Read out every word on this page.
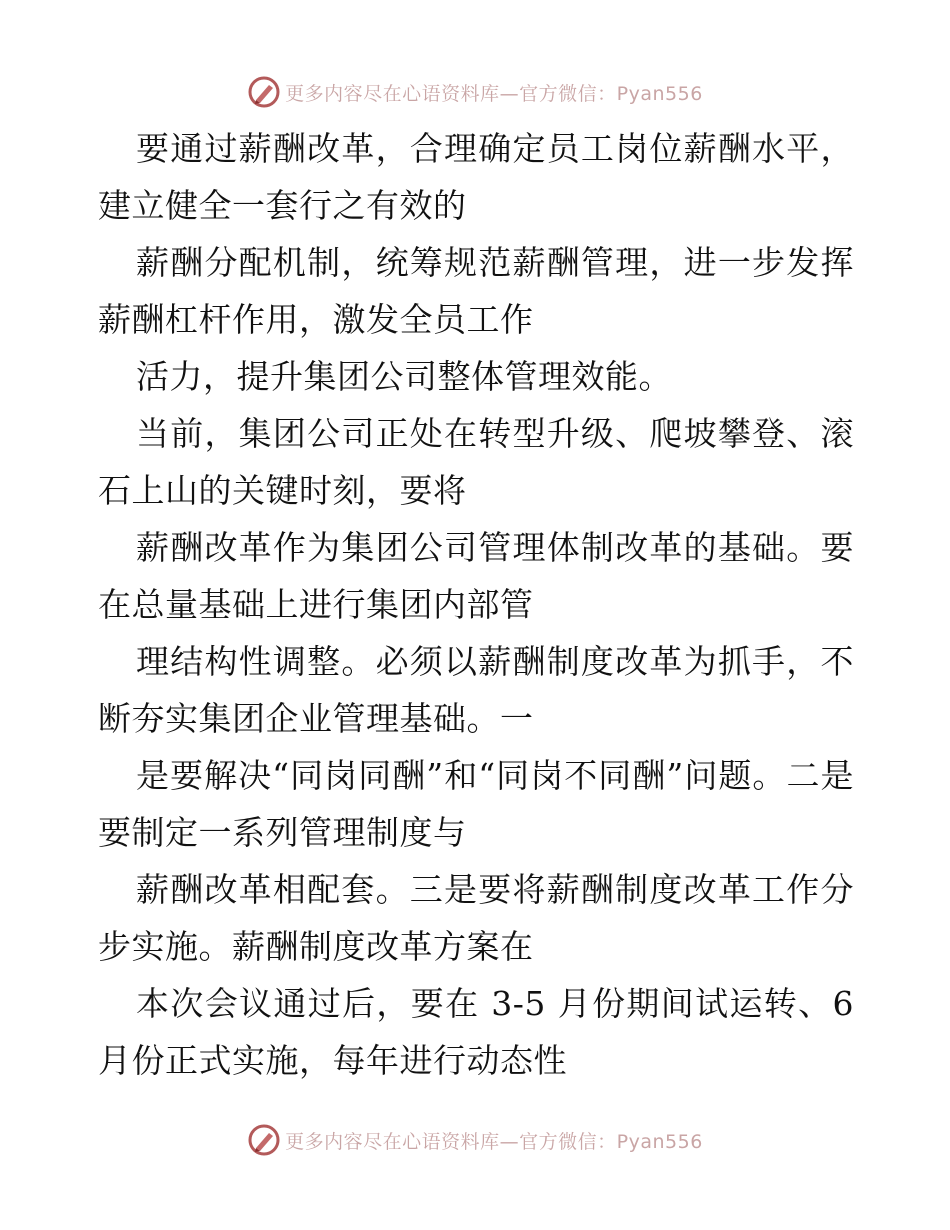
更多内容尽在心语资料库—官方微信：Pyan556

要通过薪酬改革，合理确定员工岗位薪酬水平，建立健全一套行之有效的

薪酬分配机制，统筹规范薪酬管理，进一步发挥薪酬杠杆作用，激发全员工作

活力，提升集团公司整体管理效能。

当前，集团公司正处在转型升级、爬坡攀登、滚石上山的关键时刻，要将

薪酬改革作为集团公司管理体制改革的基础。要在总量基础上进行集团内部管

理结构性调整。必须以薪酬制度改革为抓手，不断夯实集团企业管理基础。一

是要解决“同岗同酬”和“同岗不同酬”问题。二是要制定一系列管理制度与

薪酬改革相配套。三是要将薪酬制度改革工作分步实施。薪酬制度改革方案在

本次会议通过后，要在 3-5 月份期间试运转、6 月份正式实施，每年进行动态性

更多内容尽在心语资料库—官方微信：Pyan556
